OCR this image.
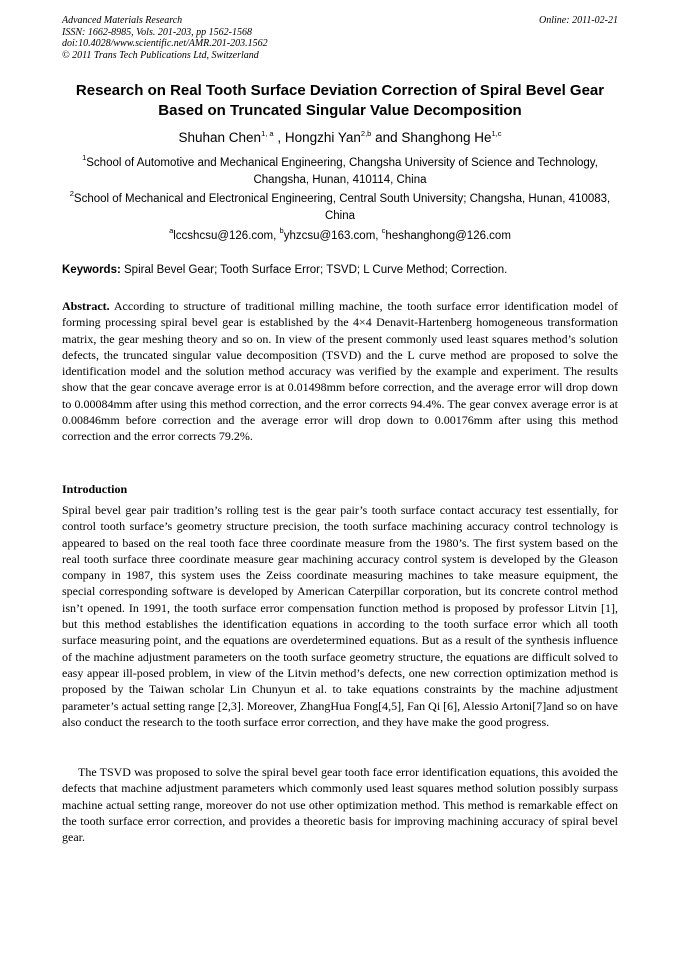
Advanced Materials Research
ISSN: 1662-8985, Vols. 201-203, pp 1562-1568
doi:10.4028/www.scientific.net/AMR.201-203.1562
© 2011 Trans Tech Publications Ltd, Switzerland
Online: 2011-02-21
Research on Real Tooth Surface Deviation Correction of Spiral Bevel Gear Based on Truncated Singular Value Decomposition
Shuhan Chen$^{1, a}$ , Hongzhi Yan$^{2,b}$ and Shanghong He$^{1,c}$
$^1$School of Automotive and Mechanical Engineering, Changsha University of Science and Technology, Changsha, Hunan, 410114, China
$^2$School of Mechanical and Electronical Engineering, Central South University; Changsha, Hunan, 410083, China
$^a$lccshcsu@126.com, $^b$yhzcsu@163.com, $^c$heshanghong@126.com
Keywords: Spiral Bevel Gear; Tooth Surface Error; TSVD; L Curve Method; Correction.
Abstract. According to structure of traditional milling machine, the tooth surface error identification model of forming processing spiral bevel gear is established by the 4×4 Denavit-Hartenberg homogeneous transformation matrix, the gear meshing theory and so on. In view of the present commonly used least squares method’s solution defects, the truncated singular value decomposition (TSVD) and the L curve method are proposed to solve the identification model and the solution method accuracy was verified by the example and experiment. The results show that the gear concave average error is at 0.01498mm before correction, and the average error will drop down to 0.00084mm after using this method correction, and the error corrects 94.4%. The gear convex average error is at 0.00846mm before correction and the average error will drop down to 0.00176mm after using this method correction and the error corrects 79.2%.
Introduction
Spiral bevel gear pair tradition’s rolling test is the gear pair’s tooth surface contact accuracy test essentially, for control tooth surface’s geometry structure precision, the tooth surface machining accuracy control technology is appeared to based on the real tooth face three coordinate measure from the 1980’s. The first system based on the real tooth surface three coordinate measure gear machining accuracy control system is developed by the Gleason company in 1987, this system uses the Zeiss coordinate measuring machines to take measure equipment, the special corresponding software is developed by American Caterpillar corporation, but its concrete control method isn’t opened. In 1991, the tooth surface error compensation function method is proposed by professor Litvin [1], but this method establishes the identification equations in according to the tooth surface error which all tooth surface measuring point, and the equations are overdetermined equations. But as a result of the synthesis influence of the machine adjustment parameters on the tooth surface geometry structure, the equations are difficult solved to easy appear ill-posed problem, in view of the Litvin method’s defects, one new correction optimization method is proposed by the Taiwan scholar Lin Chunyun et al. to take equations constraints by the machine adjustment parameter’s actual setting range [2,3]. Moreover, ZhangHua Fong[4,5], Fan Qi [6], Alessio Artoni[7]and so on have also conduct the research to the tooth surface error correction, and they have make the good progress.
The TSVD was proposed to solve the spiral bevel gear tooth face error identification equations, this avoided the defects that machine adjustment parameters which commonly used least squares method solution possibly surpass machine actual setting range, moreover do not use other optimization method. This method is remarkable effect on the tooth surface error correction, and provides a theoretic basis for improving machining accuracy of spiral bevel gear.
